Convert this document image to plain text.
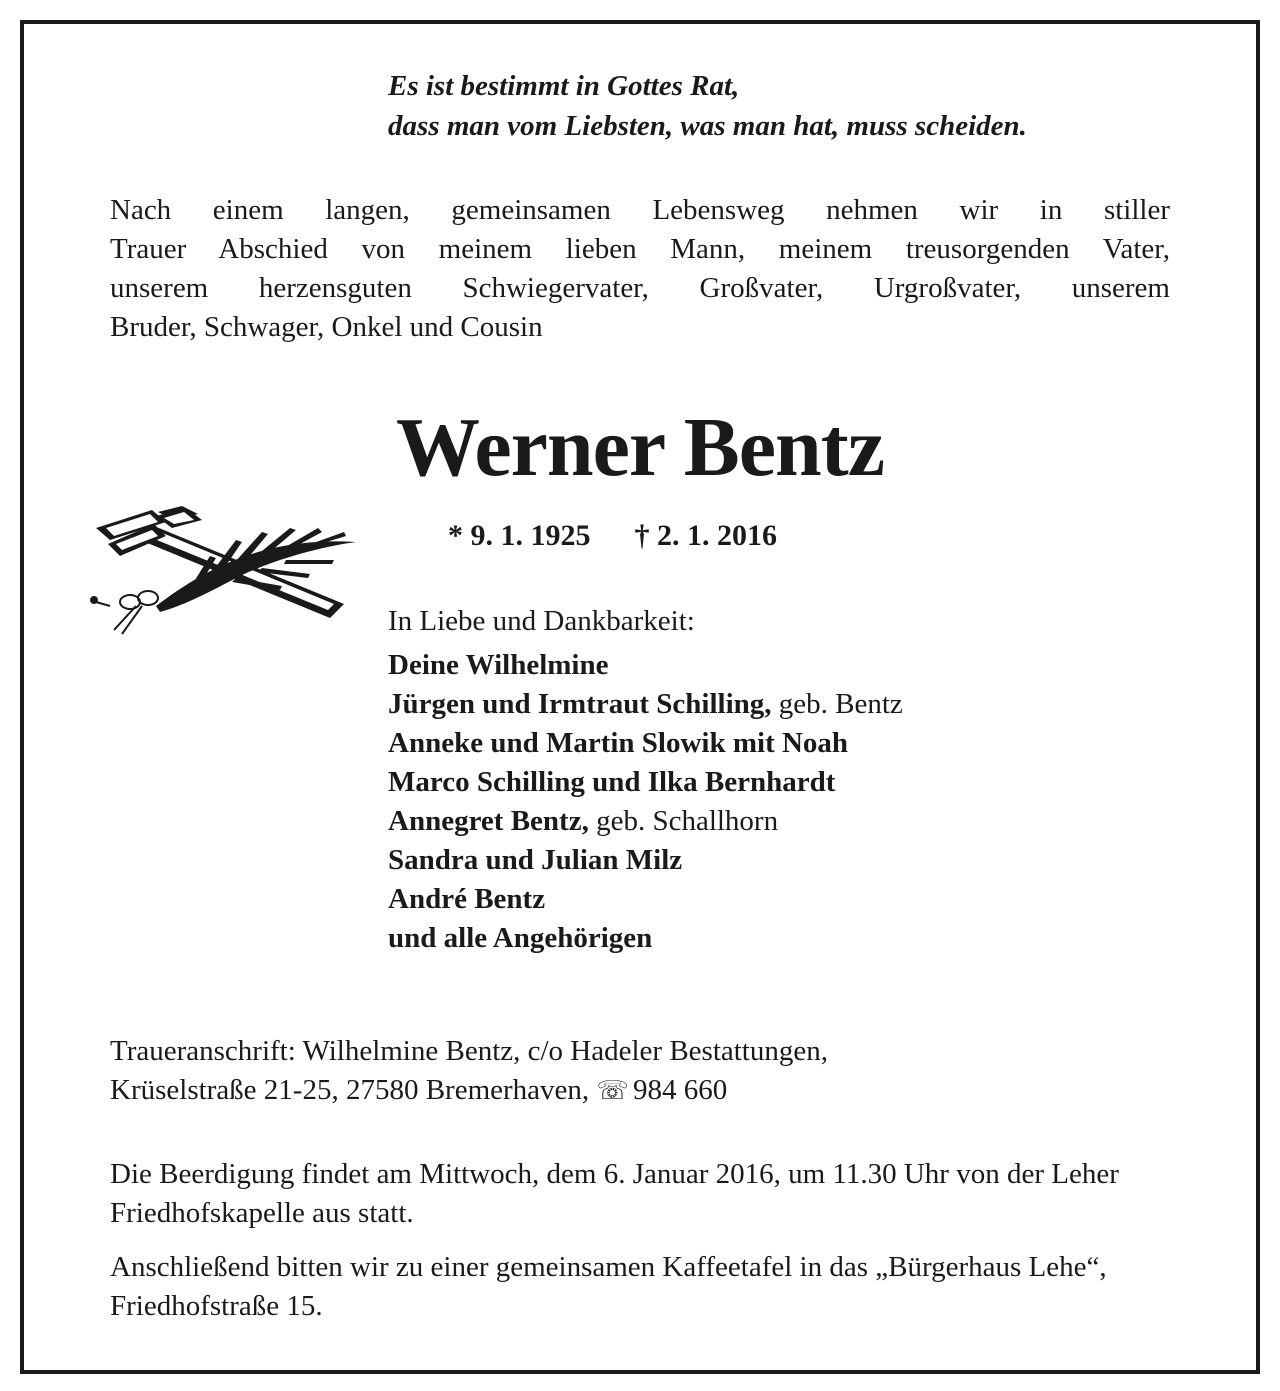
Es ist bestimmt in Gottes Rat,
dass man vom Liebsten, was man hat, muss scheiden.
Nach einem langen, gemeinsamen Lebensweg nehmen wir in stiller
Trauer Abschied von meinem lieben Mann, meinem treusorgenden Vater,
unserem herzensguten Schwiegervater, Großvater, Urgroßvater, unserem
Bruder, Schwager, Onkel und Cousin
Werner Bentz
* 9. 1. 1925 † 2. 1. 2016
In Liebe und Dankbarkeit:
Deine Wilhelmine
Jürgen und Irmtraut Schilling, geb. Bentz
Anneke und Martin Slowik mit Noah
Marco Schilling und Ilka Bernhardt
Annegret Bentz, geb. Schallhorn
Sandra und Julian Milz
André Bentz
und alle Angehörigen
Traueranschrift: Wilhelmine Bentz, c/o Hadeler Bestattungen,
Krüselstraße 21-25, 27580 Bremerhaven, ☏ 984 660
Die Beerdigung findet am Mittwoch, dem 6. Januar 2016, um 11.30 Uhr von der Leher Friedhofskapelle aus statt.
Anschließend bitten wir zu einer gemeinsamen Kaffeetafel in das „Bürgerhaus Lehe“, Friedhofstraße 15.
